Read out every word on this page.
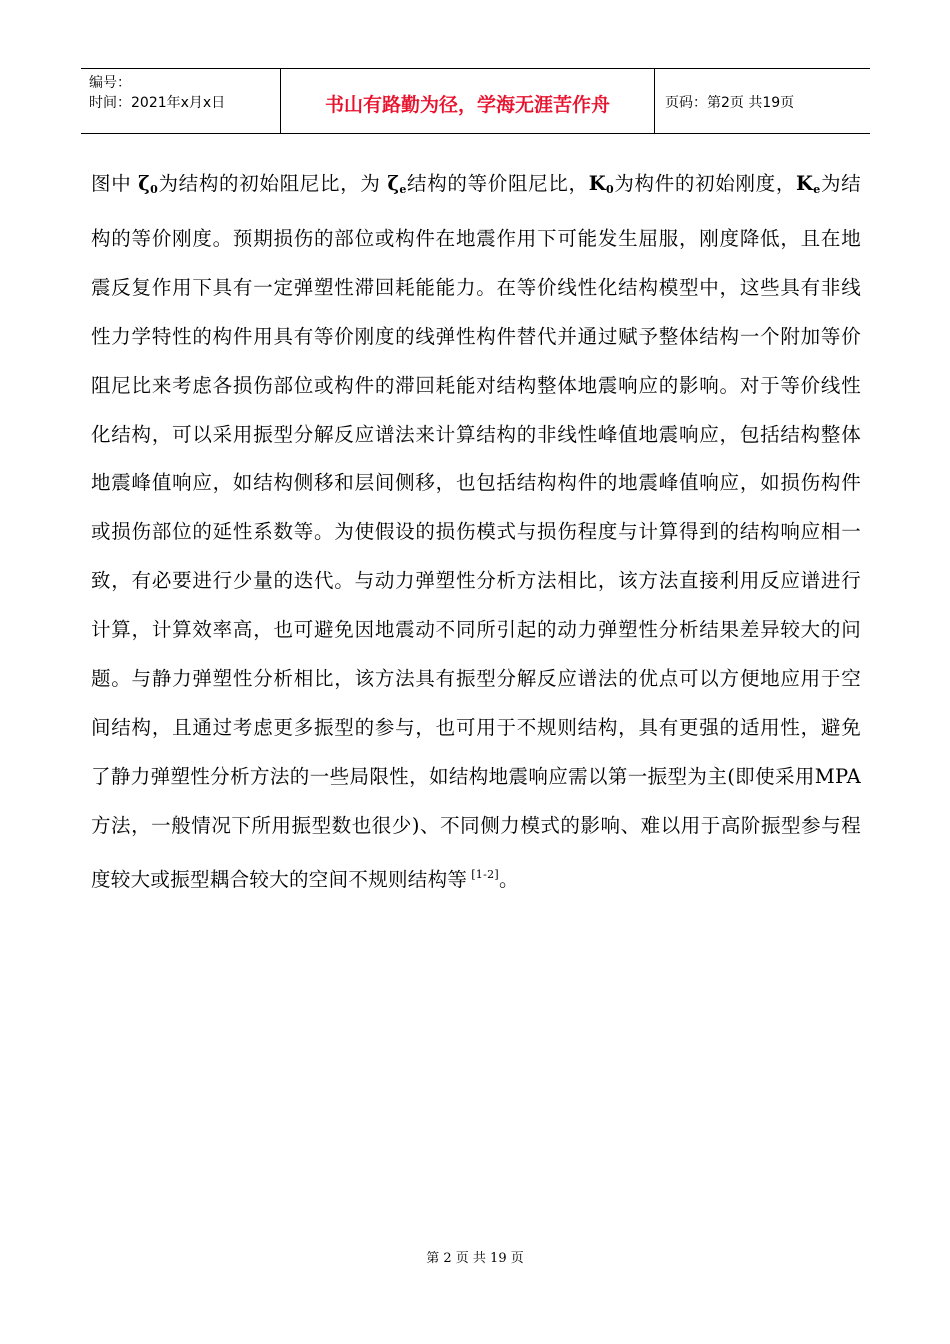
编号：
时间：2021年x月x日	书山有路勤为径，学海无涯苦作舟	页码：第2页 共19页

图中 $\zeta_0$为结构的初始阻尼比，为 $\zeta_e$结构的等价阻尼比，$K_0$为构件的初始刚度，$K_e$为结构的等价刚度。预期损伤的部位或构件在地震作用下可能发生屈服，刚度降低，且在地震反复作用下具有一定弹塑性滞回耗能能力。在等价线性化结构模型中，这些具有非线性力学特性的构件用具有等价刚度的线弹性构件替代并通过赋予整体结构一个附加等价阻尼比来考虑各损伤部位或构件的滞回耗能对结构整体地震响应的影响。对于等价线性化结构，可以采用振型分解反应谱法来计算结构的非线性峰值地震响应，包括结构整体地震峰值响应，如结构侧移和层间侧移，也包括结构构件的地震峰值响应，如损伤构件或损伤部位的延性系数等。为使假设的损伤模式与损伤程度与计算得到的结构响应相一致，有必要进行少量的迭代。与动力弹塑性分析方法相比，该方法直接利用反应谱进行计算，计算效率高，也可避免因地震动不同所引起的动力弹塑性分析结果差异较大的问题。与静力弹塑性分析相比，该方法具有振型分解反应谱法的优点可以方便地应用于空间结构，且通过考虑更多振型的参与，也可用于不规则结构，具有更强的适用性，避免了静力弹塑性分析方法的一些局限性，如结构地震响应需以第一振型为主(即使采用MPA方法，一般情况下所用振型数也很少)、不同侧力模式的影响、难以用于高阶振型参与程度较大或振型耦合较大的空间不规则结构等 [1-2]。

第 2 页 共 19 页
